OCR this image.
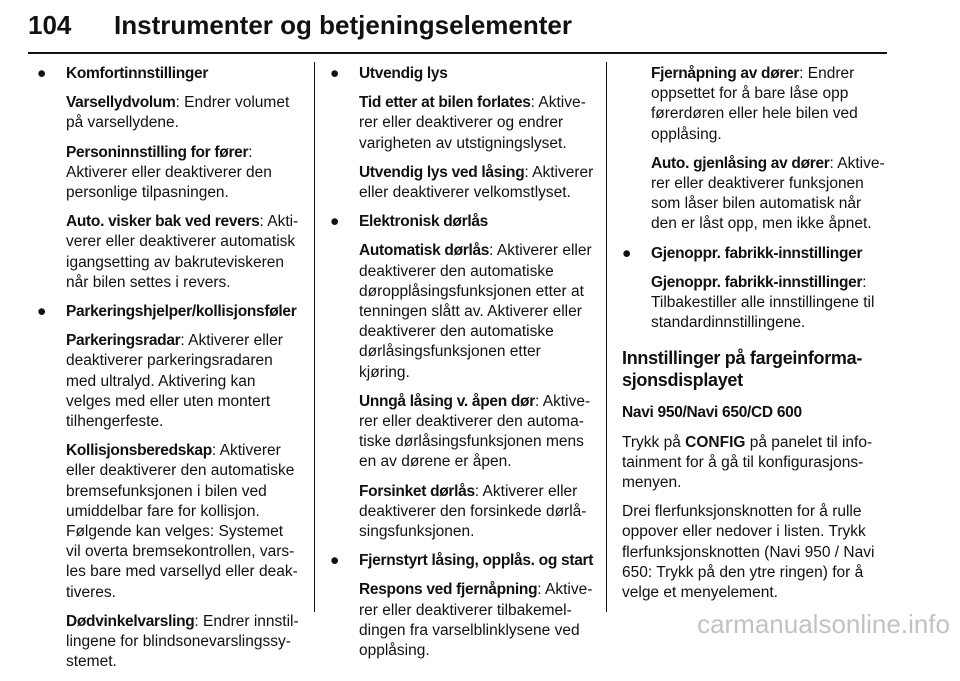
104 Instrumenter og betjeningselementer
● Komfortinnstillinger
Varsellydvolum: Endrer volumet på varsellydene.
Personinnstilling for fører: Aktiverer eller deaktiverer den personlige tilpasningen.
Auto. visker bak ved revers: Aktiverer eller deaktiverer automatisk igangsetting av bakruteviskeren når bilen settes i revers.
● Parkeringshjelper/kollisjonsføler
Parkeringsradar: Aktiverer eller deaktiverer parkeringsradaren med ultralyd. Aktivering kan velges med eller uten montert tilhengerfeste.
Kollisjonsberedskap: Aktiverer eller deaktiverer den automatiske bremsefunksjonen i bilen ved umiddelbar fare for kollisjon. Følgende kan velges: Systemet vil overta bremsekontrollen, varsles bare med varsellyd eller deaktiveres.
Dødvinkelvarsling: Endrer innstillingene for blindsonevarslingssystemet.
● Utvendig lys
Tid etter at bilen forlates: Aktiverer eller deaktiverer og endrer varigheten av utstigningslyset.
Utvendig lys ved låsing: Aktiverer eller deaktiverer velkomstlyset.
● Elektronisk dørlås
Automatisk dørlås: Aktiverer eller deaktiverer den automatiske døropplåsingsfunksjonen etter at tenningen slått av. Aktiverer eller deaktiverer den automatiske dørlåsingsfunksjonen etter kjøring.
Unngå låsing v. åpen dør: Aktiverer eller deaktiverer den automatiske dørlåsingsfunksjonen mens en av dørene er åpen.
Forsinket dørlås: Aktiverer eller deaktiverer den forsinkede dørlåsingsfunksjonen.
● Fjernstyrt låsing, opplås. og start
Respons ved fjernåpning: Aktiverer eller deaktiverer tilbakemeldingen fra varselblinklysene ved opplåsing.
Fjernåpning av dører: Endrer oppsettet for å bare låse opp førerdøren eller hele bilen ved opplåsing.
Auto. gjenlåsing av dører: Aktiverer eller deaktiverer funksjonen som låser bilen automatisk når den er låst opp, men ikke åpnet.
● Gjenoppr. fabrikk-innstillinger
Gjenoppr. fabrikk-innstillinger: Tilbakestiller alle innstillingene til standardinnstillingene.
Innstillinger på fargeinformasjonsdisplayet
Navi 950/Navi 650/CD 600
Trykk på CONFIG på panelet til infotainment for å gå til konfigurasjonsmenyen.
Drei flerfunksjonsknotten for å rulle oppover eller nedover i listen. Trykk flerfunksjonsknotten (Navi 950 / Navi 650: Trykk på den ytre ringen) for å velge et menyelement.
carmanualsonline.info
